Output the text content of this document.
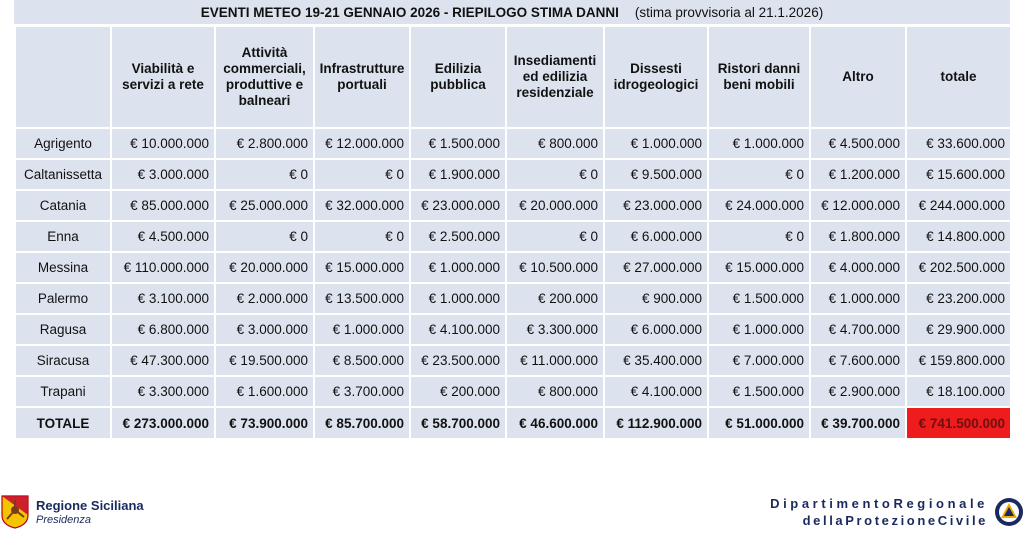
EVENTI METEO 19-21 GENNAIO 2026 - RIEPILOGO STIMA DANNI (stima provvisoria al 21.1.2026)
	Viabilità e servizi a rete	Attività commerciali, produttive e balneari	Infrastrutture portuali	Edilizia pubblica	Insediamenti ed edilizia residenziale	Dissesti idrogeologici	Ristori danni beni mobili	Altro	totale
Agrigento	€ 10.000.000	€ 2.800.000	€ 12.000.000	€ 1.500.000	€ 800.000	€ 1.000.000	€ 1.000.000	€ 4.500.000	€ 33.600.000
Caltanissetta	€ 3.000.000	€ 0	€ 0	€ 1.900.000	€ 0	€ 9.500.000	€ 0	€ 1.200.000	€ 15.600.000
Catania	€ 85.000.000	€ 25.000.000	€ 32.000.000	€ 23.000.000	€ 20.000.000	€ 23.000.000	€ 24.000.000	€ 12.000.000	€ 244.000.000
Enna	€ 4.500.000	€ 0	€ 0	€ 2.500.000	€ 0	€ 6.000.000	€ 0	€ 1.800.000	€ 14.800.000
Messina	€ 110.000.000	€ 20.000.000	€ 15.000.000	€ 1.000.000	€ 10.500.000	€ 27.000.000	€ 15.000.000	€ 4.000.000	€ 202.500.000
Palermo	€ 3.100.000	€ 2.000.000	€ 13.500.000	€ 1.000.000	€ 200.000	€ 900.000	€ 1.500.000	€ 1.000.000	€ 23.200.000
Ragusa	€ 6.800.000	€ 3.000.000	€ 1.000.000	€ 4.100.000	€ 3.300.000	€ 6.000.000	€ 1.000.000	€ 4.700.000	€ 29.900.000
Siracusa	€ 47.300.000	€ 19.500.000	€ 8.500.000	€ 23.500.000	€ 11.000.000	€ 35.400.000	€ 7.000.000	€ 7.600.000	€ 159.800.000
Trapani	€ 3.300.000	€ 1.600.000	€ 3.700.000	€ 200.000	€ 800.000	€ 4.100.000	€ 1.500.000	€ 2.900.000	€ 18.100.000
TOTALE	€ 273.000.000	€ 73.900.000	€ 85.700.000	€ 58.700.000	€ 46.600.000	€ 112.900.000	€ 51.000.000	€ 39.700.000	€ 741.500.000
Regione Siciliana
Presidenza
DipartimentoRegionale
dellaProtezioneCivile
